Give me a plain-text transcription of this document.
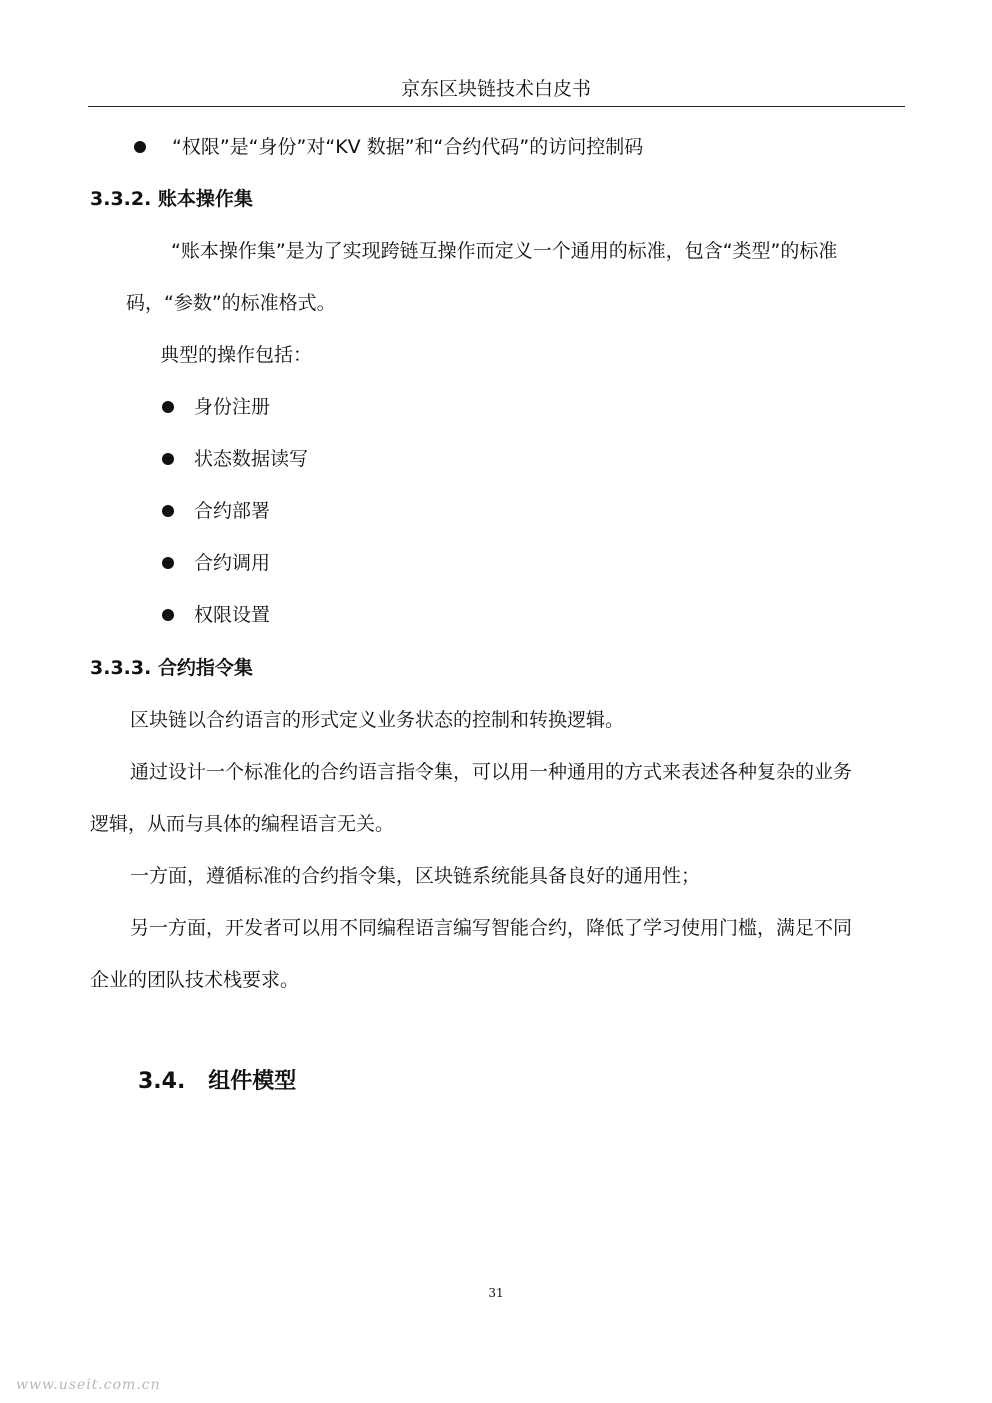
京东区块链技术白皮书
“权限”是“身份”对“KV 数据”和“合约代码”的访问控制码
3.3.2. 账本操作集
“账本操作集”是为了实现跨链互操作而定义一个通用的标准，包含“类型”的标准
码，“参数”的标准格式。
典型的操作包括：
身份注册
状态数据读写
合约部署
合约调用
权限设置
3.3.3. 合约指令集
区块链以合约语言的形式定义业务状态的控制和转换逻辑。
通过设计一个标准化的合约语言指令集，可以用一种通用的方式来表述各种复杂的业务
逻辑，从而与具体的编程语言无关。
一方面，遵循标准的合约指令集，区块链系统能具备良好的通用性；
另一方面，开发者可以用不同编程语言编写智能合约，降低了学习使用门槛，满足不同
企业的团队技术栈要求。
3.4.   组件模型
31
www.useit.com.cn
